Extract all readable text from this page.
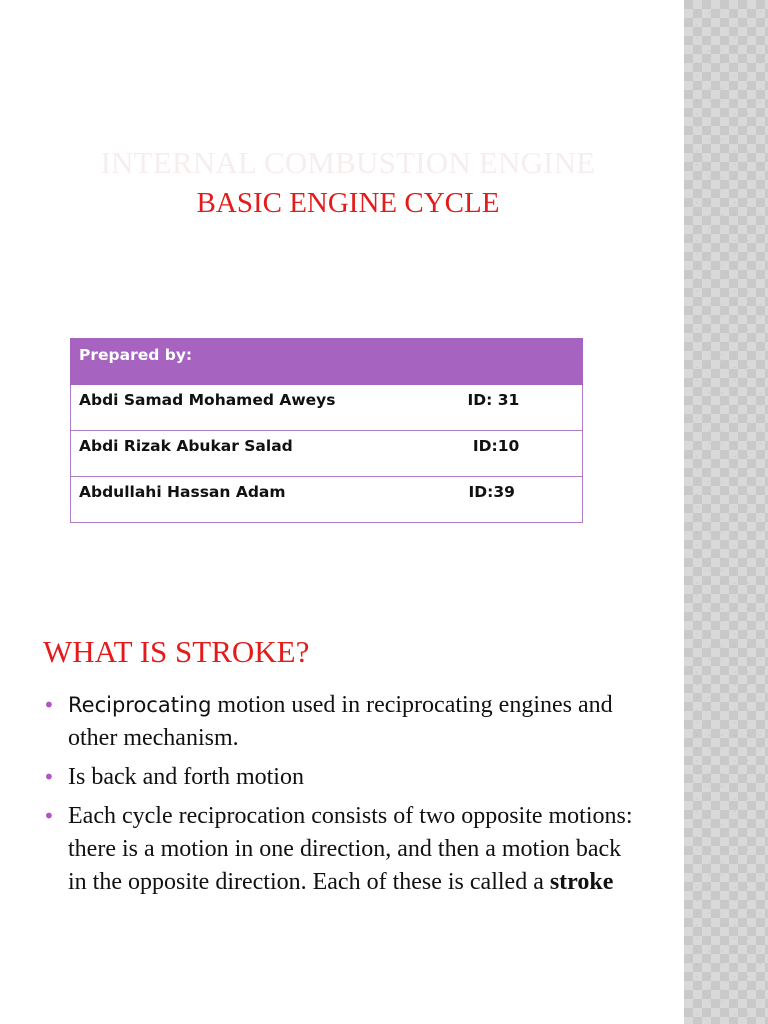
INTERNAL COMBUSTION ENGINE
BASIC ENGINE CYCLE
Prepared by:	
Abdi Samad Mohamed Aweys	ID: 31
Abdi Rizak Abukar Salad	ID:10
Abdullahi Hassan Adam	ID:39
WHAT IS STROKE?
• Reciprocating motion used in reciprocating engines and other mechanism.
• Is back and forth motion
• Each cycle reciprocation consists of two opposite motions: there is a motion in one direction, and then a motion back in the opposite direction. Each of these is called a stroke
